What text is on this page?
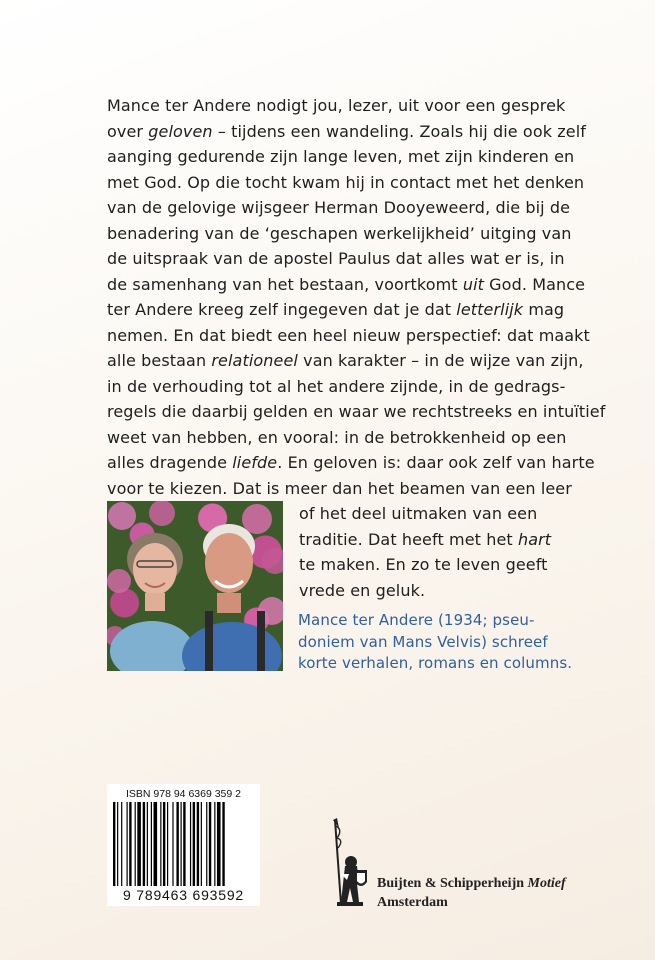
Mance ter Andere nodigt jou, lezer, uit voor een gesprek
over geloven – tijdens een wandeling. Zoals hij die ook zelf
aanging gedurende zijn lange leven, met zijn kinderen en
met God. Op die tocht kwam hij in contact met het denken
van de gelovige wijsgeer Herman Dooyeweerd, die bij de
benadering van de ‘geschapen werkelijkheid’ uitging van
de uitspraak van de apostel Paulus dat alles wat er is, in
de samenhang van het bestaan, voortkomt uit God. Mance
ter Andere kreeg zelf ingegeven dat je dat letterlijk mag
nemen. En dat biedt een heel nieuw perspectief: dat maakt
alle bestaan relationeel van karakter – in de wijze van zijn,
in de verhouding tot al het andere zijnde, in de gedrags-
regels die daarbij gelden en waar we rechtstreeks en intuïtief
weet van hebben, en vooral: in de betrokkenheid op een
alles dragende liefde. En geloven is: daar ook zelf van harte
voor te kiezen. Dat is meer dan het beamen van een leer
of het deel uitmaken van een
traditie. Dat heeft met het hart
te maken. En zo te leven geeft
vrede en geluk.
Mance ter Andere (1934; pseu-
doniem van Mans Velvis) schreef
korte verhalen, romans en columns.
ISBN 978 94 6369 359 2
9 789463 693592
Buijten & Schipperheijn Motief
Amsterdam
